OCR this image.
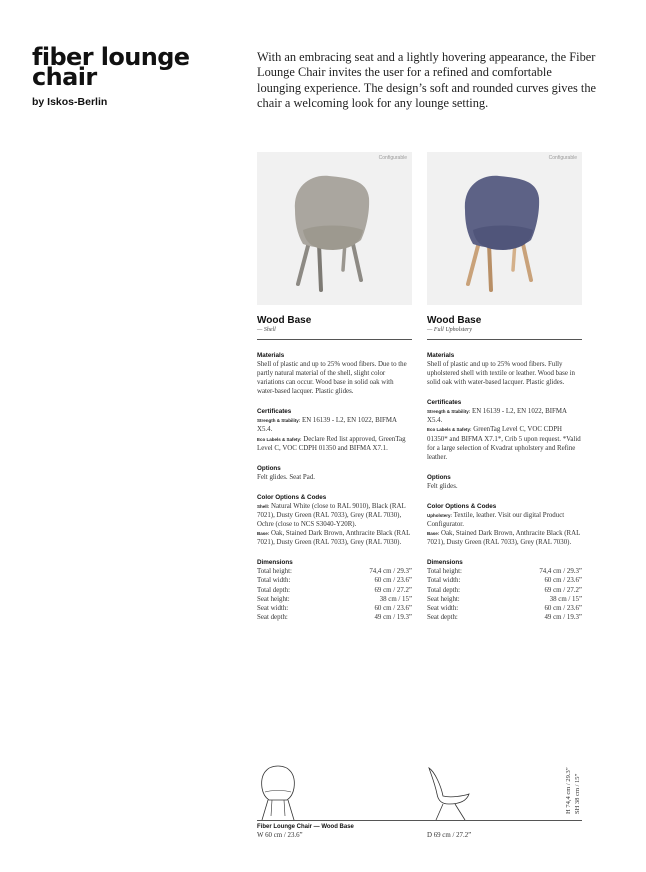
fiber lounge
chair
by Iskos-Berlin
With an embracing seat and a lightly hovering appearance, the Fiber Lounge Chair invites the user for a refined and comfortable lounging experience. The design’s soft and rounded curves gives the chair a welcoming look for any lounge setting.
Configurable
Wood Base
— Shell
Materials
Shell of plastic and up to 25% wood fibers. Due to the partly natural material of the shell, slight color variations can occur. Wood base in solid oak with water-based lacquer. Plastic glides.
Certificates
Strength & Stability: EN 16139 - L2, EN 1022, BIFMA X5.4.
Eco Labels & Safety: Declare Red list approved, GreenTag Level C, VOC CDPH 01350 and BIFMA X7.1.
Options
Felt glides. Seat Pad.
Color Options & Codes
Shell: Natural White (close to RAL 9010), Black (RAL 7021), Dusty Green (RAL 7033), Grey (RAL 7030), Ochre (close to NCS S3040-Y20R).
Base: Oak, Stained Dark Brown, Anthracite Black (RAL 7021), Dusty Green (RAL 7033), Grey (RAL 7030).
Dimensions
Total height:	74,4 cm / 29.3”
Total width:	60 cm / 23.6”
Total depth:	69 cm / 27.2”
Seat height:	38 cm / 15”
Seat width:	60 cm / 23.6”
Seat depth:	49 cm / 19.3”
Configurable
Wood Base
— Full Upholstery
Materials
Shell of plastic and up to 25% wood fibers. Fully upholstered shell with textile or leather. Wood base in solid oak with water-based lacquer. Plastic glides.
Certificates
Strength & Stability: EN 16139 - L2, EN 1022, BIFMA X5.4.
Eco Labels & Safety: GreenTag Level C, VOC CDPH 01350* and BIFMA X7.1*, Crib 5 upon request. *Valid for a large selection of Kvadrat upholstery and Refine leather.
Options
Felt glides.
Color Options & Codes
Upholstery: Textile, leather. Visit our digital Product Configurator.
Base: Oak, Stained Dark Brown, Anthracite Black (RAL 7021), Dusty Green (RAL 7033), Grey (RAL 7030).
Dimensions
Total height:	74,4 cm / 29.3”
Total width:	60 cm / 23.6”
Total depth:	69 cm / 27.2”
Seat height:	38 cm / 15”
Seat width:	60 cm / 23.6”
Seat depth:	49 cm / 19.3”
Fiber Lounge Chair — Wood Base
W 60 cm / 23.6”	D 69 cm / 27.2”
H 74,4 cm / 29.3” SH 38 cm / 15”
